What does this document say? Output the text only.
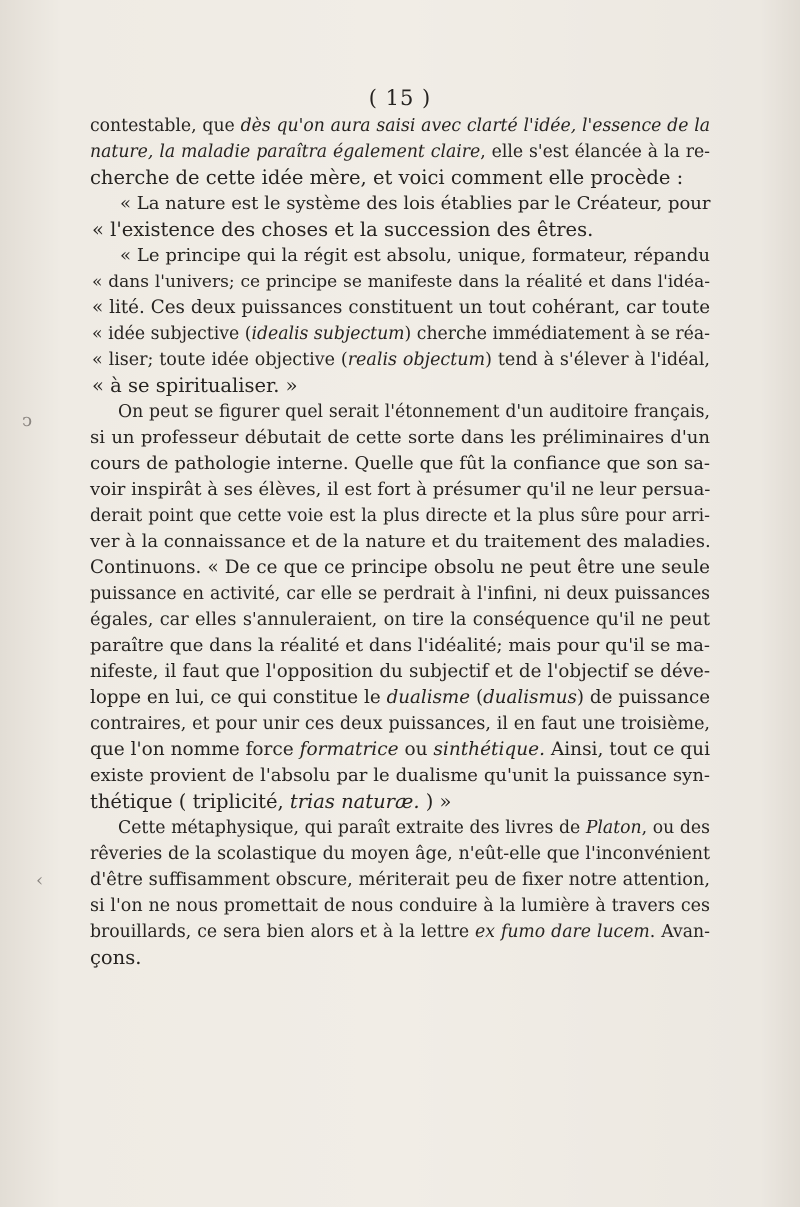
( 15 )
contestable, que dès qu'on aura saisi avec clarté l'idée, l'essence de la
nature, la maladie paraîtra également claire, elle s'est élancée à la re-
cherche de cette idée mère, et voici comment elle procède :
« La nature est le système des lois établies par le Créateur, pour
« l'existence des choses et la succession des êtres.
« Le principe qui la régit est absolu, unique, formateur, répandu
« dans l'univers; ce principe se manifeste dans la réalité et dans l'idéa-
« lité. Ces deux puissances constituent un tout cohérant, car toute
« idée subjective (idealis subjectum) cherche immédiatement à se réa-
« liser; toute idée objective (realis objectum) tend à s'élever à l'idéal,
« à se spiritualiser. »
On peut se figurer quel serait l'étonnement d'un auditoire français,
si un professeur débutait de cette sorte dans les préliminaires d'un
cours de pathologie interne. Quelle que fût la confiance que son sa-
voir inspirât à ses élèves, il est fort à présumer qu'il ne leur persua-
derait point que cette voie est la plus directe et la plus sûre pour arri-
ver à la connaissance et de la nature et du traitement des maladies.
Continuons. « De ce que ce principe obsolu ne peut être une seule
puissance en activité, car elle se perdrait à l'infini, ni deux puissances
égales, car elles s'annuleraient, on tire la conséquence qu'il ne peut
paraître que dans la réalité et dans l'idéalité; mais pour qu'il se ma-
nifeste, il faut que l'opposition du subjectif et de l'objectif se déve-
loppe en lui, ce qui constitue le dualisme (dualismus) de puissance
contraires, et pour unir ces deux puissances, il en faut une troisième,
que l'on nomme force formatrice ou sinthétique. Ainsi, tout ce qui
existe provient de l'absolu par le dualisme qu'unit la puissance syn-
thétique ( triplicité, trias naturæ. ) »
Cette métaphysique, qui paraît extraite des livres de Platon, ou des
rêveries de la scolastique du moyen âge, n'eût-elle que l'inconvénient
d'être suffisamment obscure, mériterait peu de fixer notre attention,
si l'on ne nous promettait de nous conduire à la lumière à travers ces
brouillards, ce sera bien alors et à la lettre ex fumo dare lucem. Avan-
çons.
ↄ
‹
